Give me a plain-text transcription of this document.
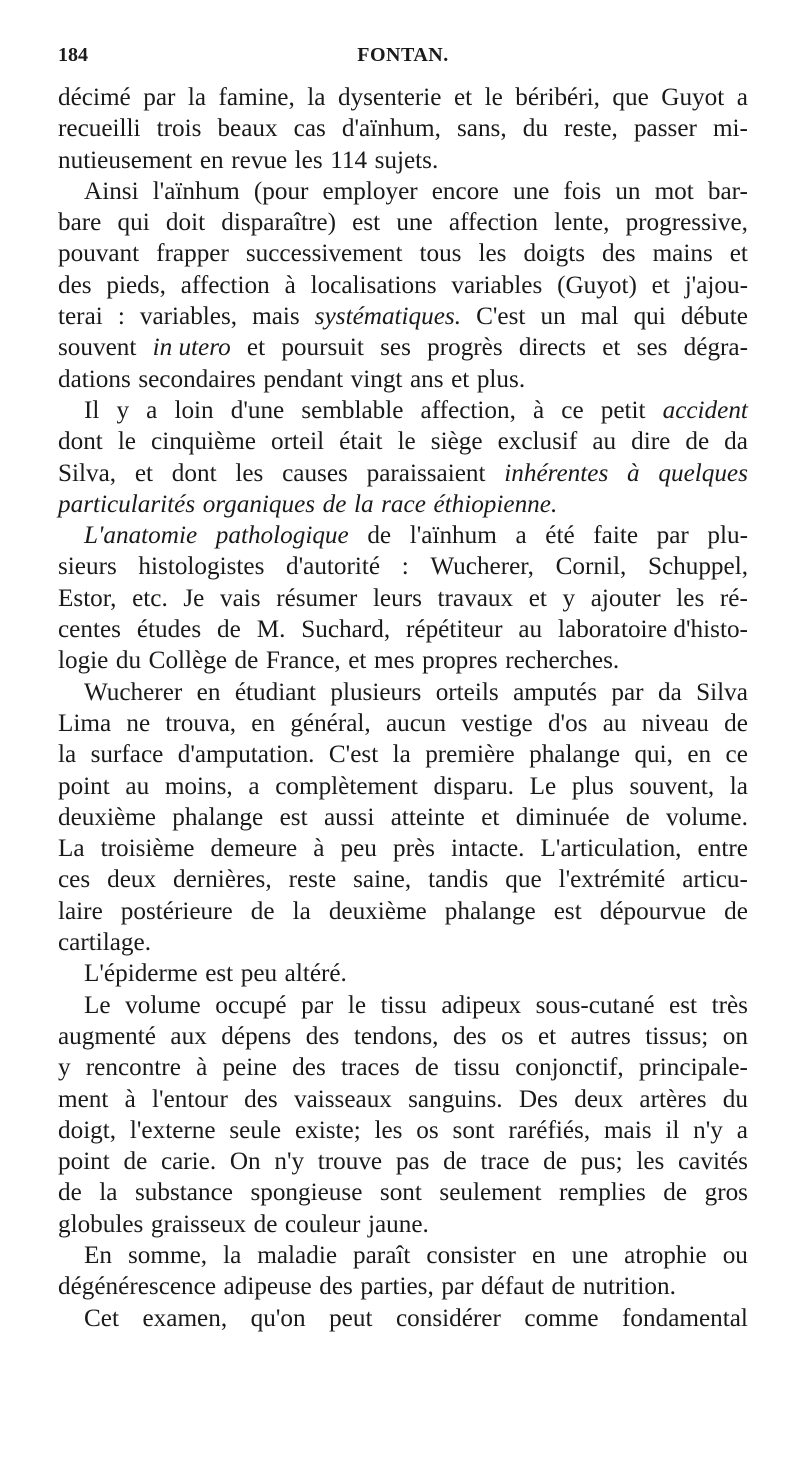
184	FONTAN.
décimé par la famine, la dysenterie et le béribéri, que Guyot a
recueilli trois beaux cas d'aïnhum, sans, du reste, passer mi-
nutieusement en revue les 114 sujets.
Ainsi l'aïnhum (pour employer encore une fois un mot bar-
bare qui doit disparaître) est une affection lente, progressive,
pouvant frapper successivement tous les doigts des mains et
des pieds, affection à localisations variables (Guyot) et j'ajou-
terai : variables, mais systématiques. C'est un mal qui débute
souvent in utero et poursuit ses progrès directs et ses dégra-
dations secondaires pendant vingt ans et plus.
Il y a loin d'une semblable affection, à ce petit accident
dont le cinquième orteil était le siège exclusif au dire de da
Silva, et dont les causes paraissaient inhérentes à quelques
particularités organiques de la race éthiopienne.
L'anatomie pathologique de l'aïnhum a été faite par plu-
sieurs histologistes d'autorité : Wucherer, Cornil, Schuppel,
Estor, etc. Je vais résumer leurs travaux et y ajouter les ré-
centes études de M. Suchard, répétiteur au laboratoire d'histo-
logie du Collège de France, et mes propres recherches.
Wucherer en étudiant plusieurs orteils amputés par da Silva
Lima ne trouva, en général, aucun vestige d'os au niveau de
la surface d'amputation. C'est la première phalange qui, en ce
point au moins, a complètement disparu. Le plus souvent, la
deuxième phalange est aussi atteinte et diminuée de volume.
La troisième demeure à peu près intacte. L'articulation, entre
ces deux dernières, reste saine, tandis que l'extrémité articu-
laire postérieure de la deuxième phalange est dépourvue de
cartilage.
L'épiderme est peu altéré.
Le volume occupé par le tissu adipeux sous-cutané est très
augmenté aux dépens des tendons, des os et autres tissus; on
y rencontre à peine des traces de tissu conjonctif, principale-
ment à l'entour des vaisseaux sanguins. Des deux artères du
doigt, l'externe seule existe; les os sont raréfiés, mais il n'y a
point de carie. On n'y trouve pas de trace de pus; les cavités
de la substance spongieuse sont seulement remplies de gros
globules graisseux de couleur jaune.
En somme, la maladie paraît consister en une atrophie ou
dégénérescence adipeuse des parties, par défaut de nutrition.
Cet examen, qu'on peut considérer comme fondamental
